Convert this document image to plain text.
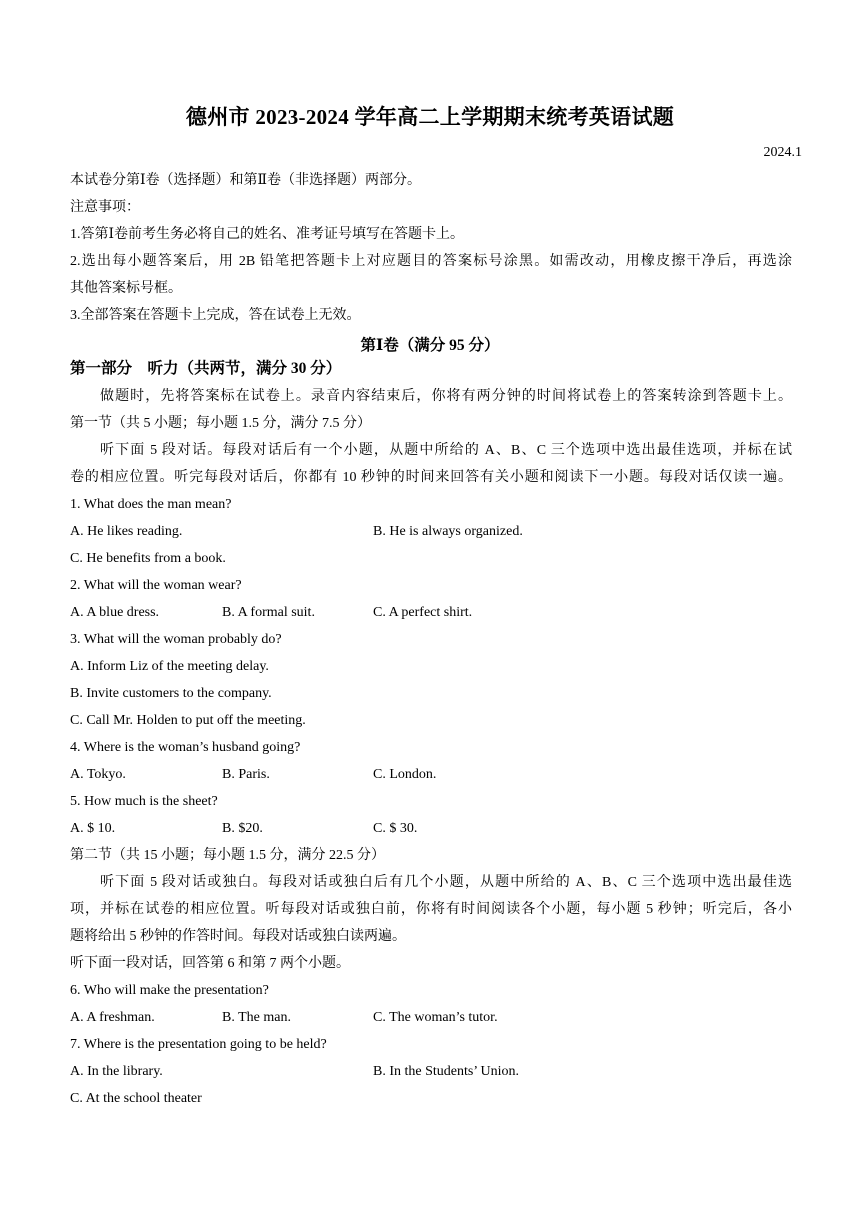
德州市 2023-2024 学年高二上学期期末统考英语试题
2024.1
本试卷分第Ⅰ卷（选择题）和第Ⅱ卷（非选择题）两部分。
注意事项：
1.答第Ⅰ卷前考生务必将自己的姓名、准考证号填写在答题卡上。
2.选出每小题答案后，用 2B 铅笔把答题卡上对应题目的答案标号涂黑。如需改动，用橡皮擦干净后，再选涂
其他答案标号框。
3.全部答案在答题卡上完成，答在试卷上无效。
第Ⅰ卷（满分 95 分）
第一部分　听力（共两节，满分 30 分）
做题时，先将答案标在试卷上。录音内容结束后，你将有两分钟的时间将试卷上的答案转涂到答题卡上。
第一节（共 5 小题；每小题 1.5 分，满分 7.5 分）
听下面 5 段对话。每段对话后有一个小题，从题中所给的 A、B、C 三个选项中选出最佳选项，并标在试
卷的相应位置。听完每段对话后，你都有 10 秒钟的时间来回答有关小题和阅读下一小题。每段对话仅读一遍。
1. What does the man mean?
A. He likes reading.	B. He is always organized.
C. He benefits from a book.
2. What will the woman wear?
A. A blue dress.	B. A formal suit.	C. A perfect shirt.
3. What will the woman probably do?
A. Inform Liz of the meeting delay.
B. Invite customers to the company.
C. Call Mr. Holden to put off the meeting.
4. Where is the woman’s husband going?
A. Tokyo.	B. Paris.	C. London.
5. How much is the sheet?
A. $ 10.	B. $20.	C. $ 30.
第二节（共 15 小题；每小题 1.5 分，满分 22.5 分）
听下面 5 段对话或独白。每段对话或独白后有几个小题，从题中所给的 A、B、C 三个选项中选出最佳选
项，并标在试卷的相应位置。听每段对话或独白前，你将有时间阅读各个小题，每小题 5 秒钟；听完后，各小
题将给出 5 秒钟的作答时间。每段对话或独白读两遍。
听下面一段对话，回答第 6 和第 7 两个小题。
6. Who will make the presentation?
A. A freshman.	B. The man.	C. The woman’s tutor.
7. Where is the presentation going to be held?
A. In the library.	B. In the Students’ Union.
C. At the school theater
